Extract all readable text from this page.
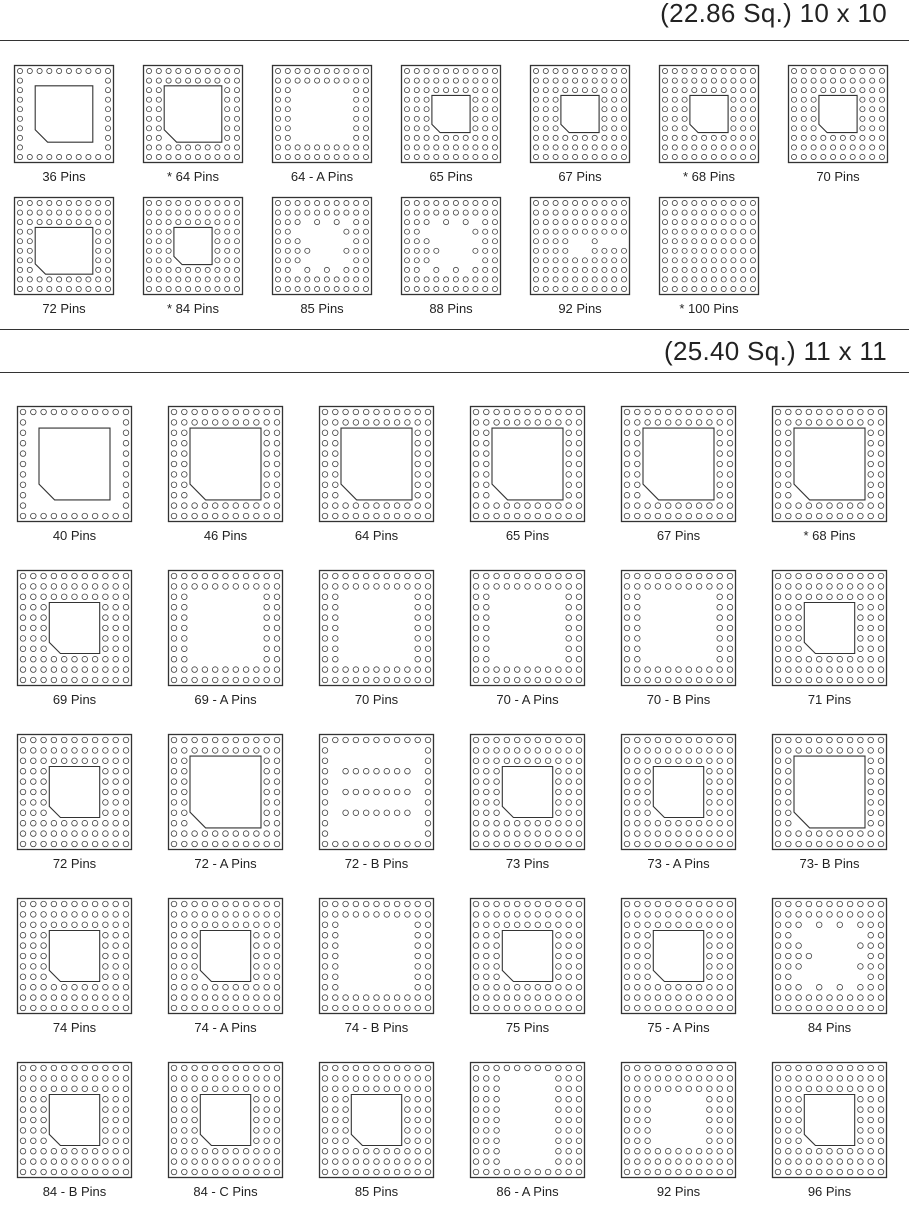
(22.86 Sq.) 10 x 10
36 Pins	* 64 Pins	64 - A Pins	65 Pins	67 Pins	* 68 Pins	70 Pins
72 Pins	* 84 Pins	85 Pins	88 Pins	92 Pins	* 100 Pins
(25.40 Sq.) 11 x 11
40 Pins	46 Pins	64 Pins	65 Pins	67 Pins	* 68 Pins
69 Pins	69 - A Pins	70 Pins	70 - A Pins	70 - B Pins	71 Pins
72 Pins	72 - A Pins	72 - B Pins	73 Pins	73 - A Pins	73- B Pins
74 Pins	74 - A Pins	74 - B Pins	75 Pins	75 - A Pins	84 Pins
84 - B Pins	84 - C Pins	85 Pins	86 - A Pins	92 Pins	96 Pins
